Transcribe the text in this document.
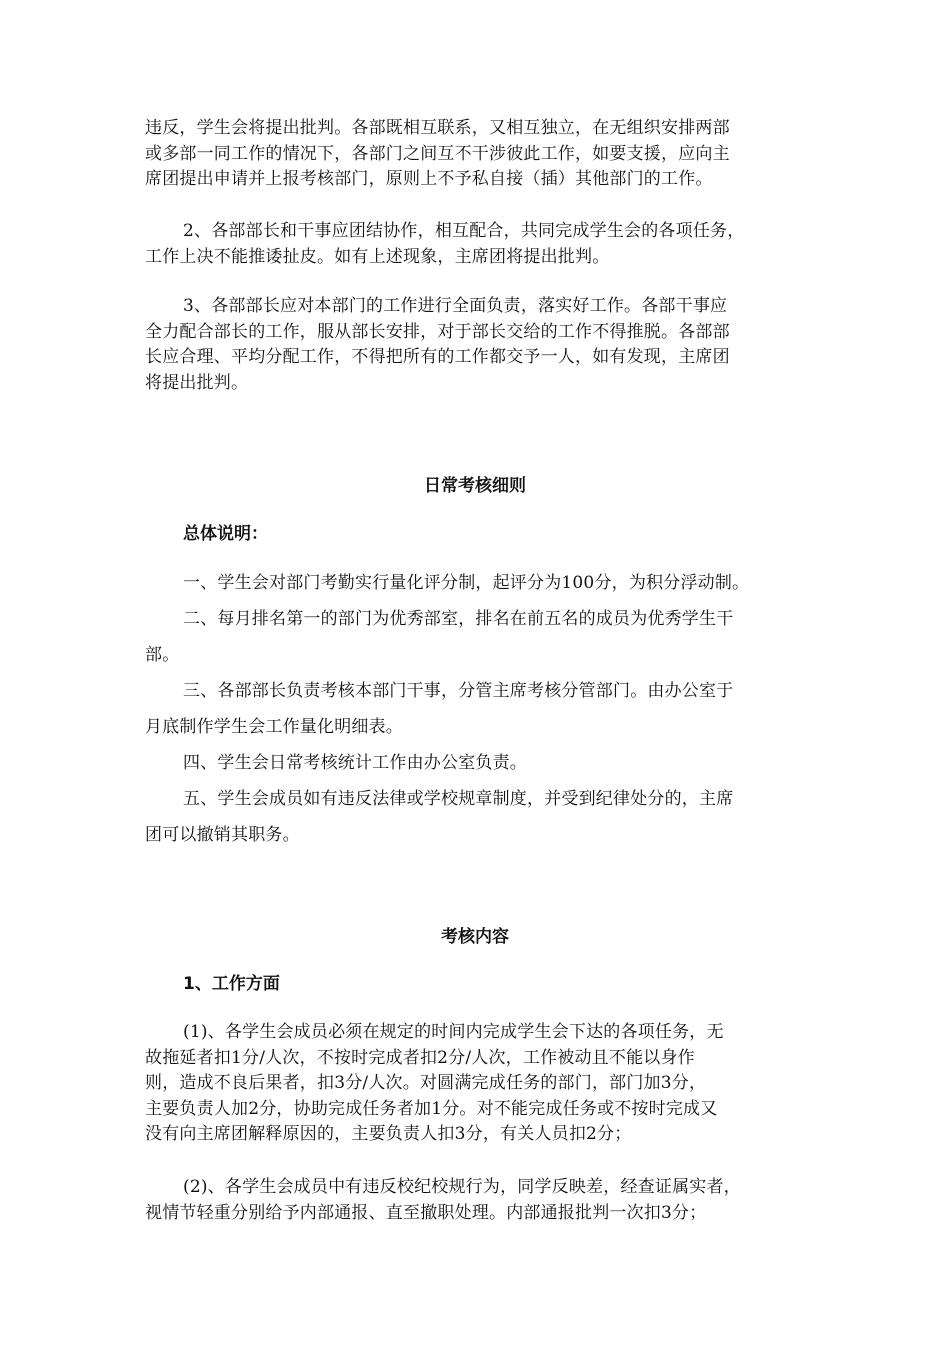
违反，学生会将提出批判。各部既相互联系，又相互独立，在无组织安排两部
或多部一同工作的情况下，各部门之间互不干涉彼此工作，如要支援，应向主
席团提出申请并上报考核部门，原则上不予私自接（插）其他部门的工作。
2、各部部长和干事应团结协作，相互配合，共同完成学生会的各项任务，
工作上决不能推诿扯皮。如有上述现象，主席团将提出批判。
3、各部部长应对本部门的工作进行全面负责，落实好工作。各部干事应
全力配合部长的工作，服从部长安排，对于部长交给的工作不得推脱。各部部
长应合理、平均分配工作，不得把所有的工作都交予一人，如有发现，主席团
将提出批判。
日常考核细则
总体说明：
一、学生会对部门考勤实行量化评分制，起评分为100分，为积分浮动制。
二、每月排名第一的部门为优秀部室，排名在前五名的成员为优秀学生干
部。
三、各部部长负责考核本部门干事，分管主席考核分管部门。由办公室于
月底制作学生会工作量化明细表。
四、学生会日常考核统计工作由办公室负责。
五、学生会成员如有违反法律或学校规章制度，并受到纪律处分的，主席
团可以撤销其职务。
考核内容
1、工作方面
(1)、各学生会成员必须在规定的时间内完成学生会下达的各项任务，无
故拖延者扣1分/人次，不按时完成者扣2分/人次，工作被动且不能以身作
则，造成不良后果者，扣3分/人次。对圆满完成任务的部门，部门加3分，
主要负责人加2分，协助完成任务者加1分。对不能完成任务或不按时完成又
没有向主席团解释原因的，主要负责人扣3分，有关人员扣2分；
(2)、各学生会成员中有违反校纪校规行为，同学反映差，经查证属实者，
视情节轻重分别给予内部通报、直至撤职处理。内部通报批判一次扣3分；
